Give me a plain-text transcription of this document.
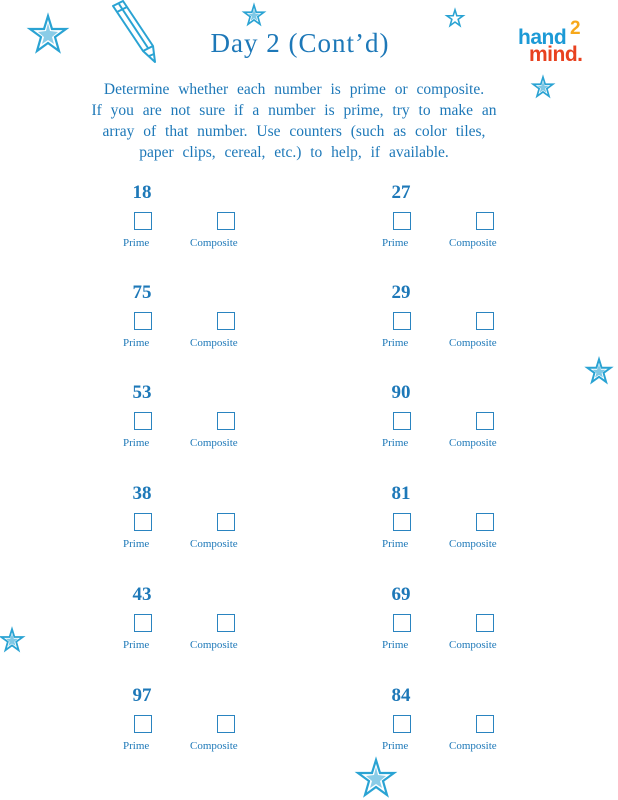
hand 2
mind.
Day 2 (Cont’d)
Determine whether each number is prime or composite.
If you are not sure if a number is prime, try to make an
array of that number. Use counters (such as color tiles,
paper clips, cereal, etc.) to help, if available.
18
Prime	Composite
75
Prime	Composite
53
Prime	Composite
38
Prime	Composite
43
Prime	Composite
97
Prime	Composite
27
Prime	Composite
29
Prime	Composite
90
Prime	Composite
81
Prime	Composite
69
Prime	Composite
84
Prime	Composite
